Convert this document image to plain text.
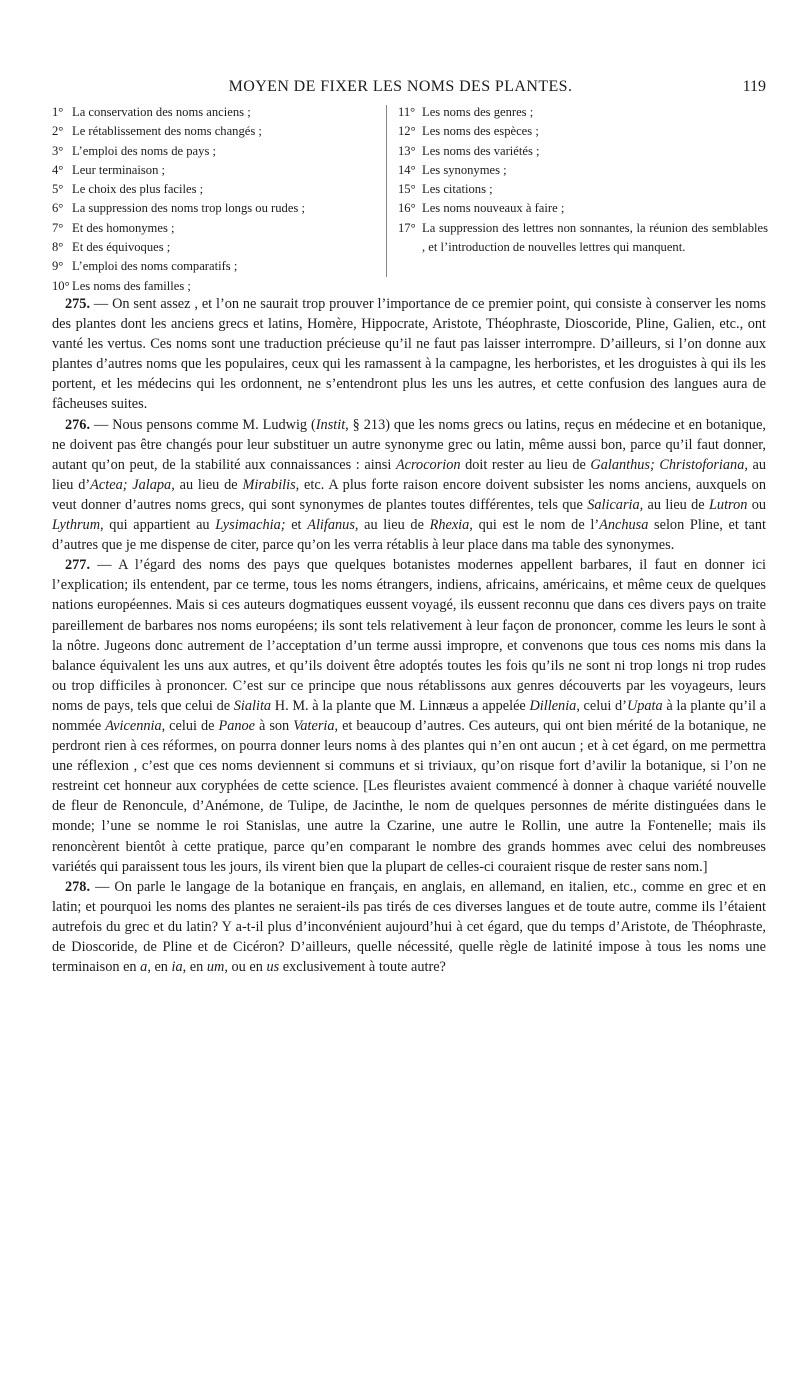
MOYEN DE FIXER LES NOMS DES PLANTES.	119
1° La conservation des noms anciens ;
2° Le rétablissement des noms changés ;
3° L’emploi des noms de pays ;
4° Leur terminaison ;
5° Le choix des plus faciles ;
6° La suppression des noms trop longs ou rudes ;
7° Et des homonymes ;
8° Et des équivoques ;
9° L’emploi des noms comparatifs ;
10° Les noms des familles ;
11° Les noms des genres ;
12° Les noms des espèces ;
13° Les noms des variétés ;
14° Les synonymes ;
15° Les citations ;
16° Les noms nouveaux à faire ;
17° La suppression des lettres non sonnantes, la réunion des semblables , et l’introduction de nouvelles lettres qui manquent.

275. — On sent assez , et l’on ne saurait trop prouver l’importance de ce premier point, qui consiste à conserver les noms des plantes dont les anciens grecs et latins, Homère, Hippocrate, Aristote, Théophraste, Dioscoride, Pline, Galien, etc., ont vanté les vertus. Ces noms sont une traduction précieuse qu’il ne faut pas laisser interrompre. D’ailleurs, si l’on donne aux plantes d’autres noms que les populaires, ceux qui les ramassent à la campagne, les herboristes, et les droguistes à qui ils les portent, et les médecins qui les ordonnent, ne s’entendront plus les uns les autres, et cette confusion des langues aura de fâcheuses suites.

276. — Nous pensons comme M. Ludwig (Instit, § 213) que les noms grecs ou latins, reçus en médecine et en botanique, ne doivent pas être changés pour leur substituer un autre synonyme grec ou latin, même aussi bon, parce qu’il faut donner, autant qu’on peut, de la stabilité aux connaissances : ainsi Acrocorion doit rester au lieu de Galanthus; Christoforiana, au lieu d’Actea; Jalapa, au lieu de Mirabilis, etc. A plus forte raison encore doivent subsister les noms anciens, auxquels on veut donner d’autres noms grecs, qui sont synonymes de plantes toutes différentes, tels que Salicaria, au lieu de Lutron ou Lythrum, qui appartient au Lysimachia; et Alifanus, au lieu de Rhexia, qui est le nom de l’Anchusa selon Pline, et tant d’autres que je me dispense de citer, parce qu’on les verra rétablis à leur place dans ma table des synonymes.

277. — A l’égard des noms des pays que quelques botanistes modernes appellent barbares, il faut en donner ici l’explication; ils entendent, par ce terme, tous les noms étrangers, indiens, africains, américains, et même ceux de quelques nations européennes. Mais si ces auteurs dogmatiques eussent voyagé, ils eussent reconnu que dans ces divers pays on traite pareillement de barbares nos noms européens; ils sont tels relativement à leur façon de prononcer, comme les leurs le sont à la nôtre. Jugeons donc autrement de l’acceptation d’un terme aussi impropre, et convenons que tous ces noms mis dans la balance équivalent les uns aux autres, et qu’ils doivent être adoptés toutes les fois qu’ils ne sont ni trop longs ni trop rudes ou trop difficiles à prononcer. C’est sur ce principe que nous rétablissons aux genres découverts par les voyageurs, leurs noms de pays, tels que celui de Sialita H. M. à la plante que M. Linnæus a appelée Dillenia, celui d’Upata à la plante qu’il a nommée Avicennia, celui de Panoe à son Vateria, et beaucoup d’autres. Ces auteurs, qui ont bien mérité de la botanique, ne perdront rien à ces réformes, on pourra donner leurs noms à des plantes qui n’en ont aucun ; et à cet égard, on me permettra une réflexion , c’est que ces noms deviennent si communs et si triviaux, qu’on risque fort d’avilir la botanique, si l’on ne restreint cet honneur aux coryphées de cette science. [Les fleuristes avaient commencé à donner à chaque variété nouvelle de fleur de Renoncule, d’Anémone, de Tulipe, de Jacinthe, le nom de quelques personnes de mérite distinguées dans le monde; l’une se nomme le roi Stanislas, une autre la Czarine, une autre le Rollin, une autre la Fontenelle; mais ils renoncèrent bientôt à cette pratique, parce qu’en comparant le nombre des grands hommes avec celui des nombreuses variétés qui paraissent tous les jours, ils virent bien que la plupart de celles-ci couraient risque de rester sans nom.]

278. — On parle le langage de la botanique en français, en anglais, en allemand, en italien, etc., comme en grec et en latin; et pourquoi les noms des plantes ne seraient-ils pas tirés de ces diverses langues et de toute autre, comme ils l’étaient autrefois du grec et du latin? Y a-t-il plus d’inconvénient aujourd’hui à cet égard, que du temps d’Aristote, de Théophraste, de Dioscoride, de Pline et de Cicéron? D’ailleurs, quelle nécessité, quelle règle de latinité impose à tous les noms une terminaison en a, en ia, en um, ou en us exclusivement à toute autre?
